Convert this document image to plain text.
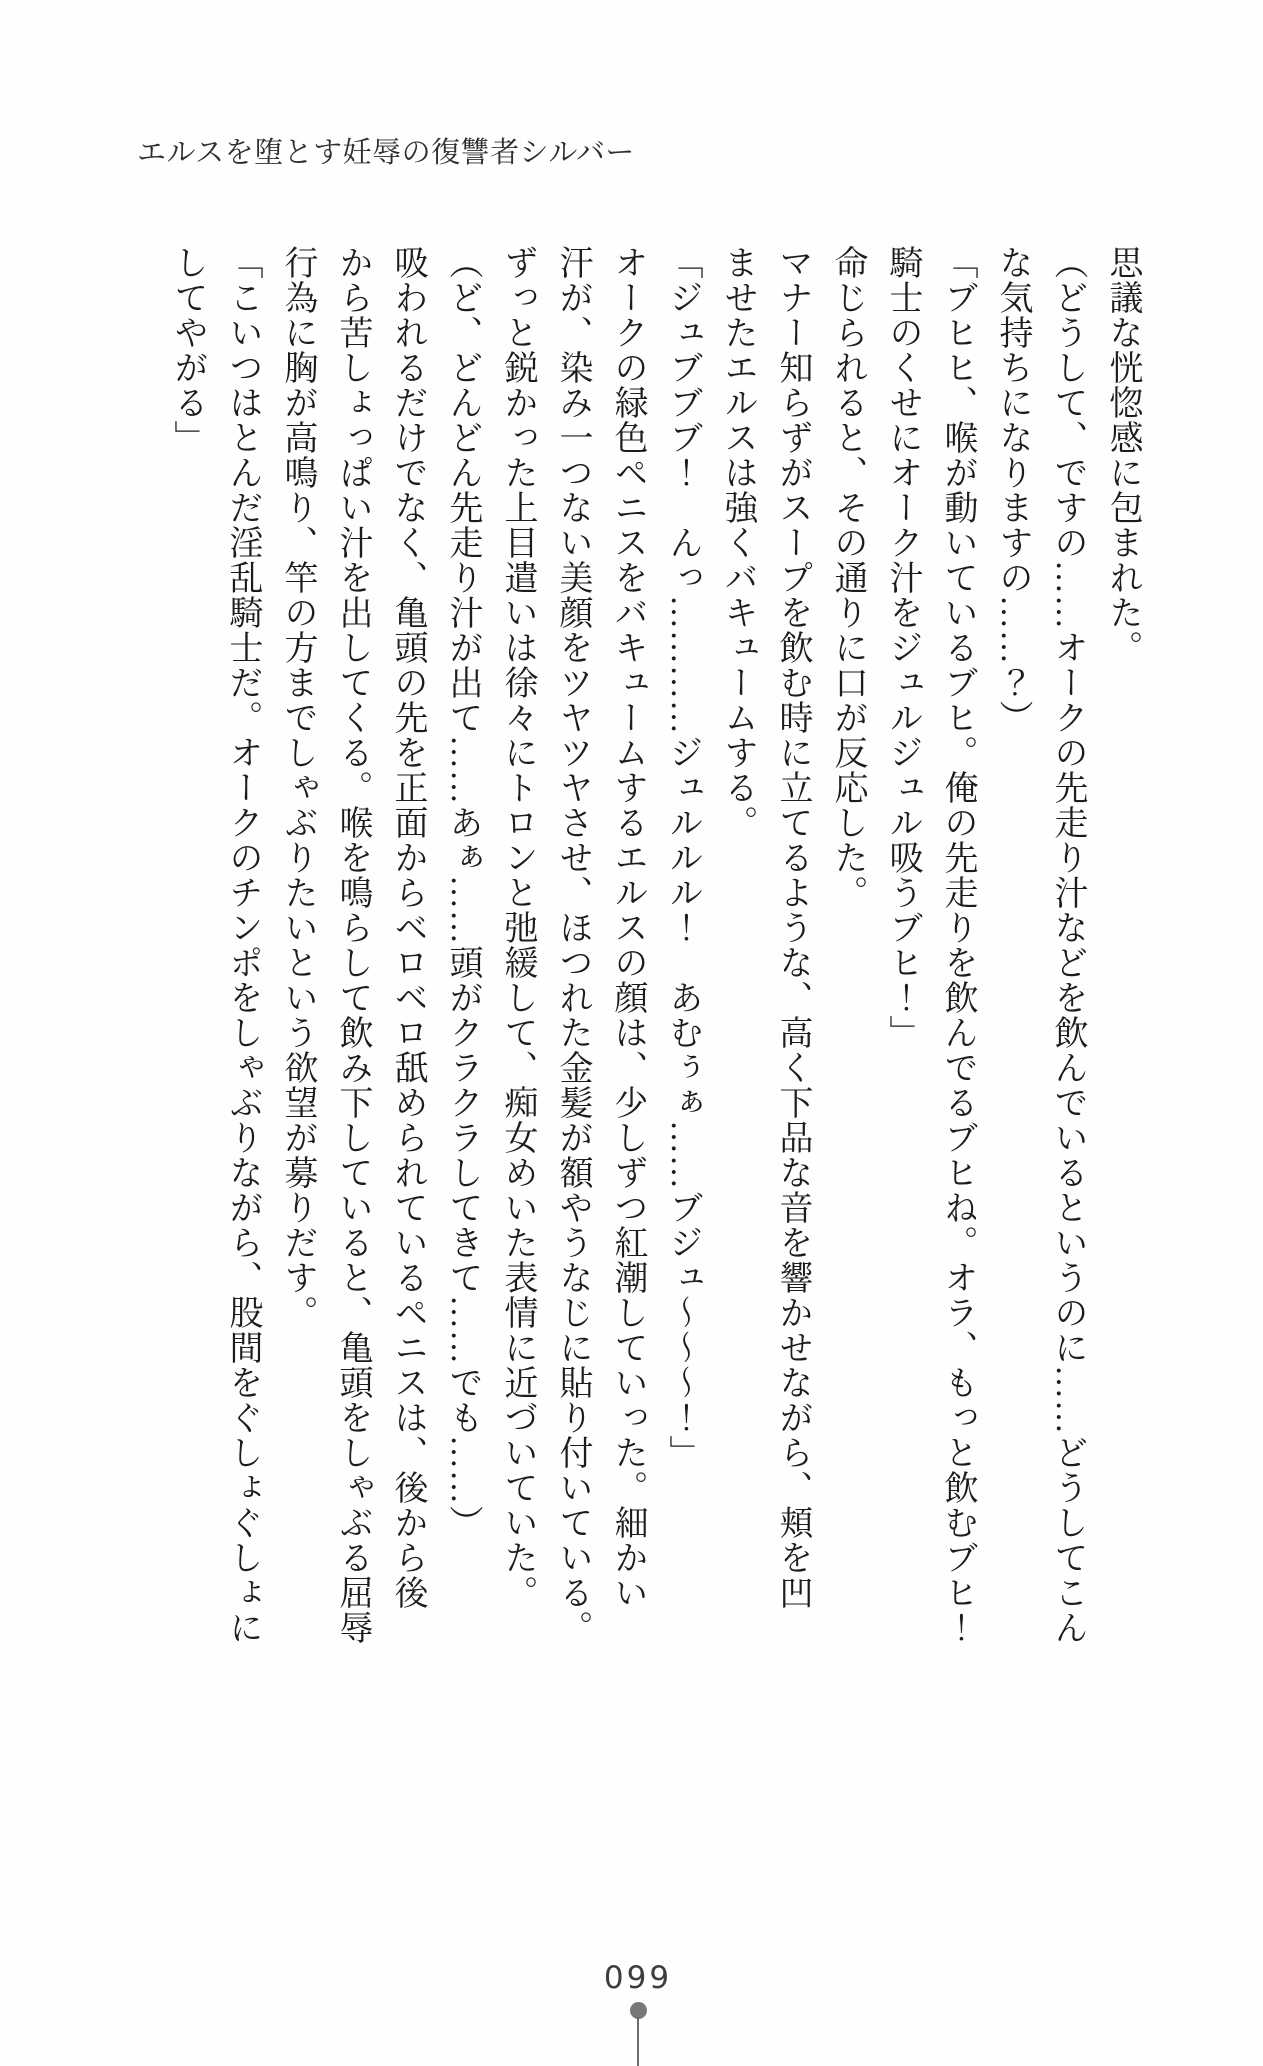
エルスを堕とす妊辱の復讐者シルバー
思議な恍惚感に包まれた。
（どうして、ですの……オークの先走り汁などを飲んでいるというのに……どうしてこん
な気持ちになりますの……？）
「ブヒヒ、喉が動いているブヒ。俺の先走りを飲んでるブヒね。オラ、もっと飲むブヒ！
騎士のくせにオーク汁をジュルジュル吸うブヒ！」
命じられると、その通りに口が反応した。
マナー知らずがスープを飲む時に立てるような、高く下品な音を響かせながら、頬を凹
ませたエルスは強くバキュームする。
「ジュブブブ！　んっ…………ジュルルル！　あむぅぁ……ブジュ～～～！」
オークの緑色ペニスをバキュームするエルスの顔は、少しずつ紅潮していった。細かい
汗が、染み一つない美顔をツヤツヤさせ、ほつれた金髪が額やうなじに貼り付いている。
ずっと鋭かった上目遣いは徐々にトロンと弛緩して、痴女めいた表情に近づいていた。
（ど、どんどん先走り汁が出て……あぁ……頭がクラクラしてきて……でも……）
吸われるだけでなく、亀頭の先を正面からベロベロ舐められているペニスは、後から後
から苦しょっぱい汁を出してくる。喉を鳴らして飲み下していると、亀頭をしゃぶる屈辱
行為に胸が高鳴り、竿の方までしゃぶりたいという欲望が募りだす。
「こいつはとんだ淫乱騎士だ。オークのチンポをしゃぶりながら、股間をぐしょぐしょに
してやがる」
099
